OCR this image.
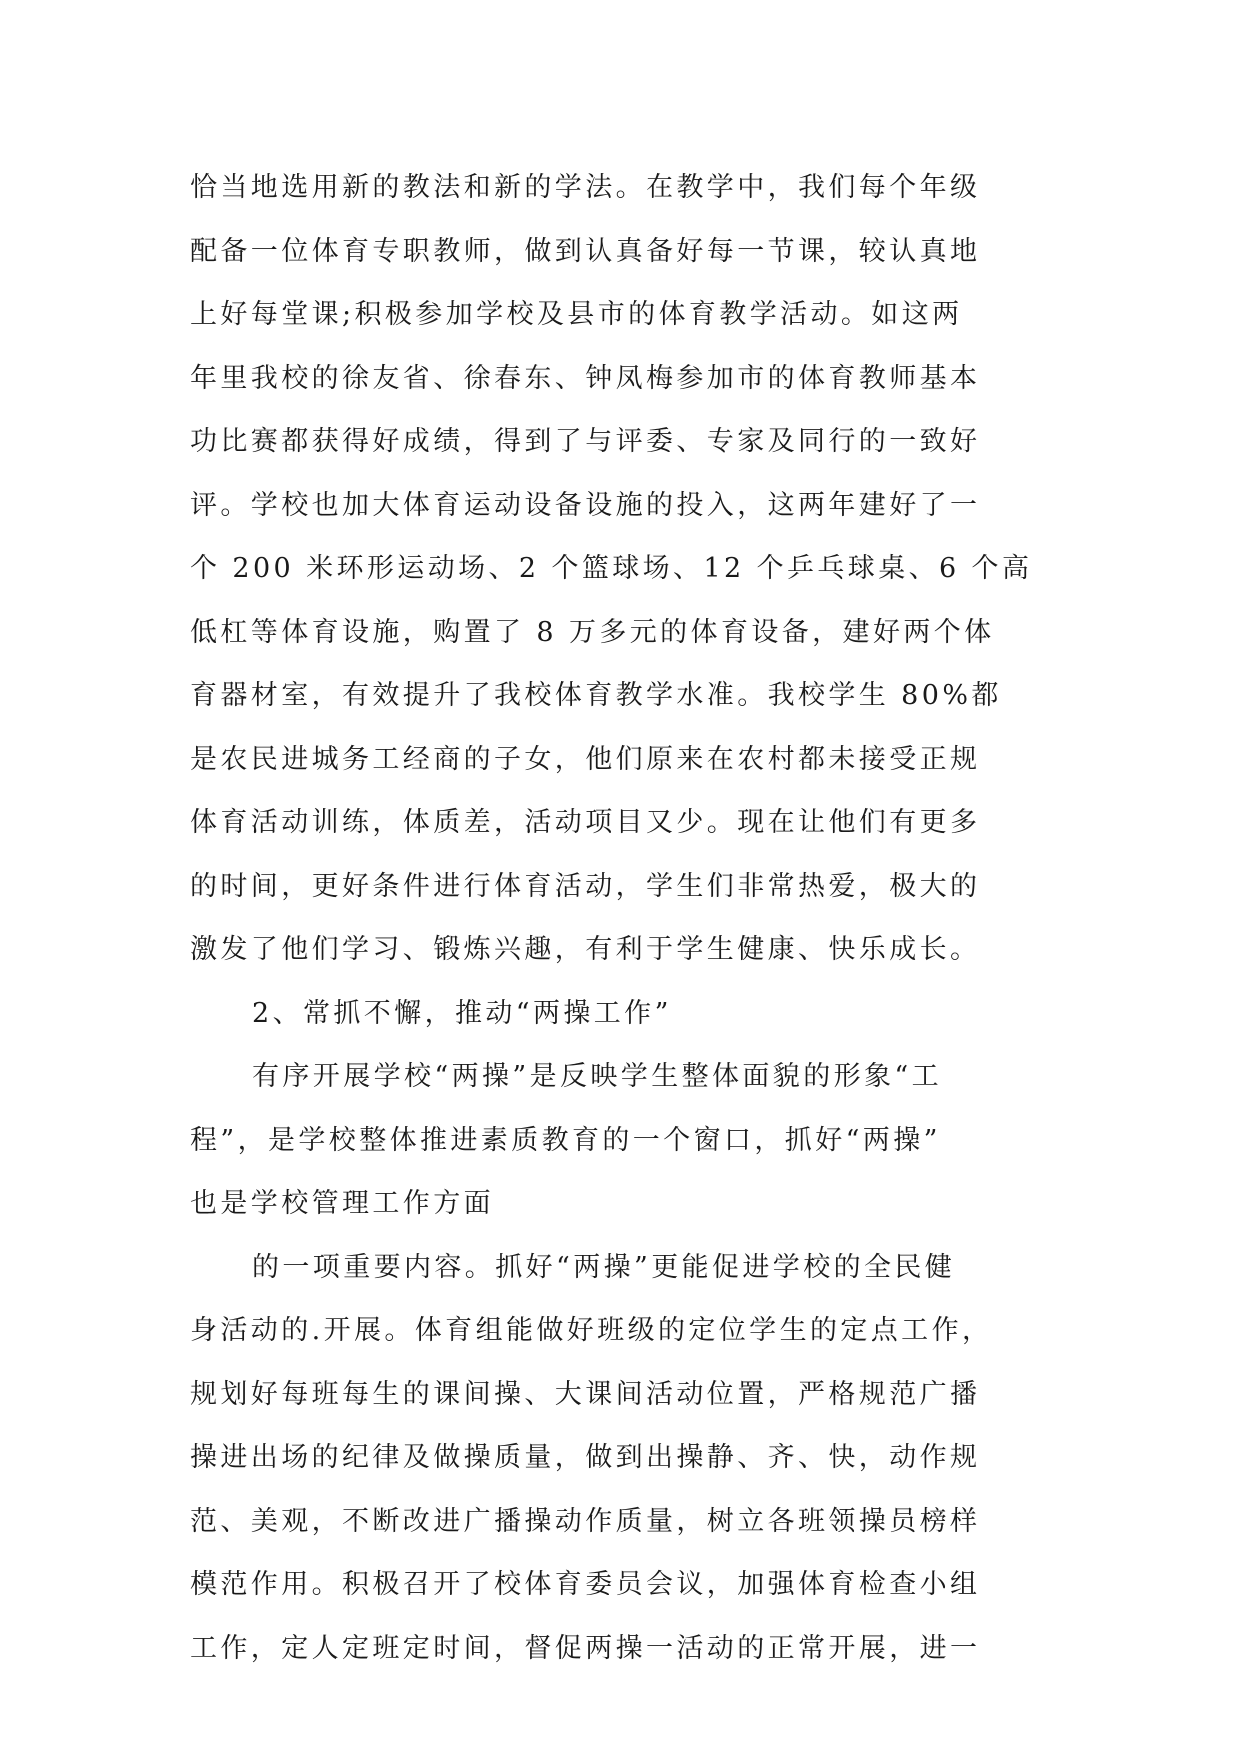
恰当地选用新的教法和新的学法。在教学中，我们每个年级
配备一位体育专职教师，做到认真备好每一节课，较认真地
上好每堂课;积极参加学校及县市的体育教学活动。如这两
年里我校的徐友省、徐春东、钟凤梅参加市的体育教师基本
功比赛都获得好成绩，得到了与评委、专家及同行的一致好
评。学校也加大体育运动设备设施的投入，这两年建好了一
个 200 米环形运动场、2 个篮球场、12 个乒乓球桌、6 个高
低杠等体育设施，购置了 8 万多元的体育设备，建好两个体
育器材室，有效提升了我校体育教学水准。我校学生 80%都
是农民进城务工经商的子女，他们原来在农村都未接受正规
体育活动训练，体质差，活动项目又少。现在让他们有更多
的时间，更好条件进行体育活动，学生们非常热爱，极大的
激发了他们学习、锻炼兴趣，有利于学生健康、快乐成长。
2、常抓不懈，推动“两操工作”
有序开展学校“两操”是反映学生整体面貌的形象“工
程”，是学校整体推进素质教育的一个窗口，抓好“两操”
也是学校管理工作方面
的一项重要内容。抓好“两操”更能促进学校的全民健
身活动的.开展。体育组能做好班级的定位学生的定点工作，
规划好每班每生的课间操、大课间活动位置，严格规范广播
操进出场的纪律及做操质量，做到出操静、齐、快，动作规
范、美观，不断改进广播操动作质量，树立各班领操员榜样
模范作用。积极召开了校体育委员会议，加强体育检查小组
工作，定人定班定时间，督促两操一活动的正常开展，进一
